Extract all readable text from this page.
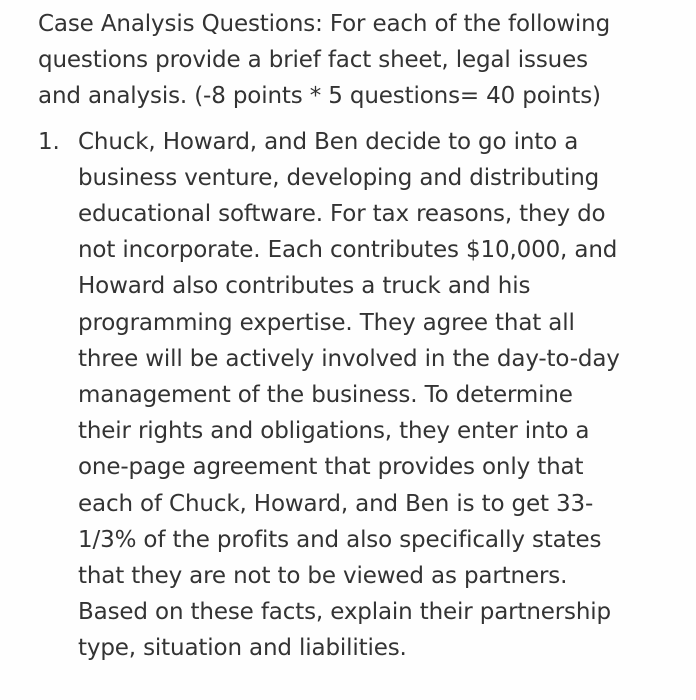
Case Analysis Questions: For each of the following
questions provide a brief fact sheet, legal issues
and analysis. (-8 points * 5 questions= 40 points)

1. Chuck, Howard, and Ben decide to go into a
business venture, developing and distributing
educational software. For tax reasons, they do
not incorporate. Each contributes $10,000, and
Howard also contributes a truck and his
programming expertise. They agree that all
three will be actively involved in the day-to-day
management of the business. To determine
their rights and obligations, they enter into a
one-page agreement that provides only that
each of Chuck, Howard, and Ben is to get 33-
1/3% of the profits and also specifically states
that they are not to be viewed as partners.
Based on these facts, explain their partnership
type, situation and liabilities.
